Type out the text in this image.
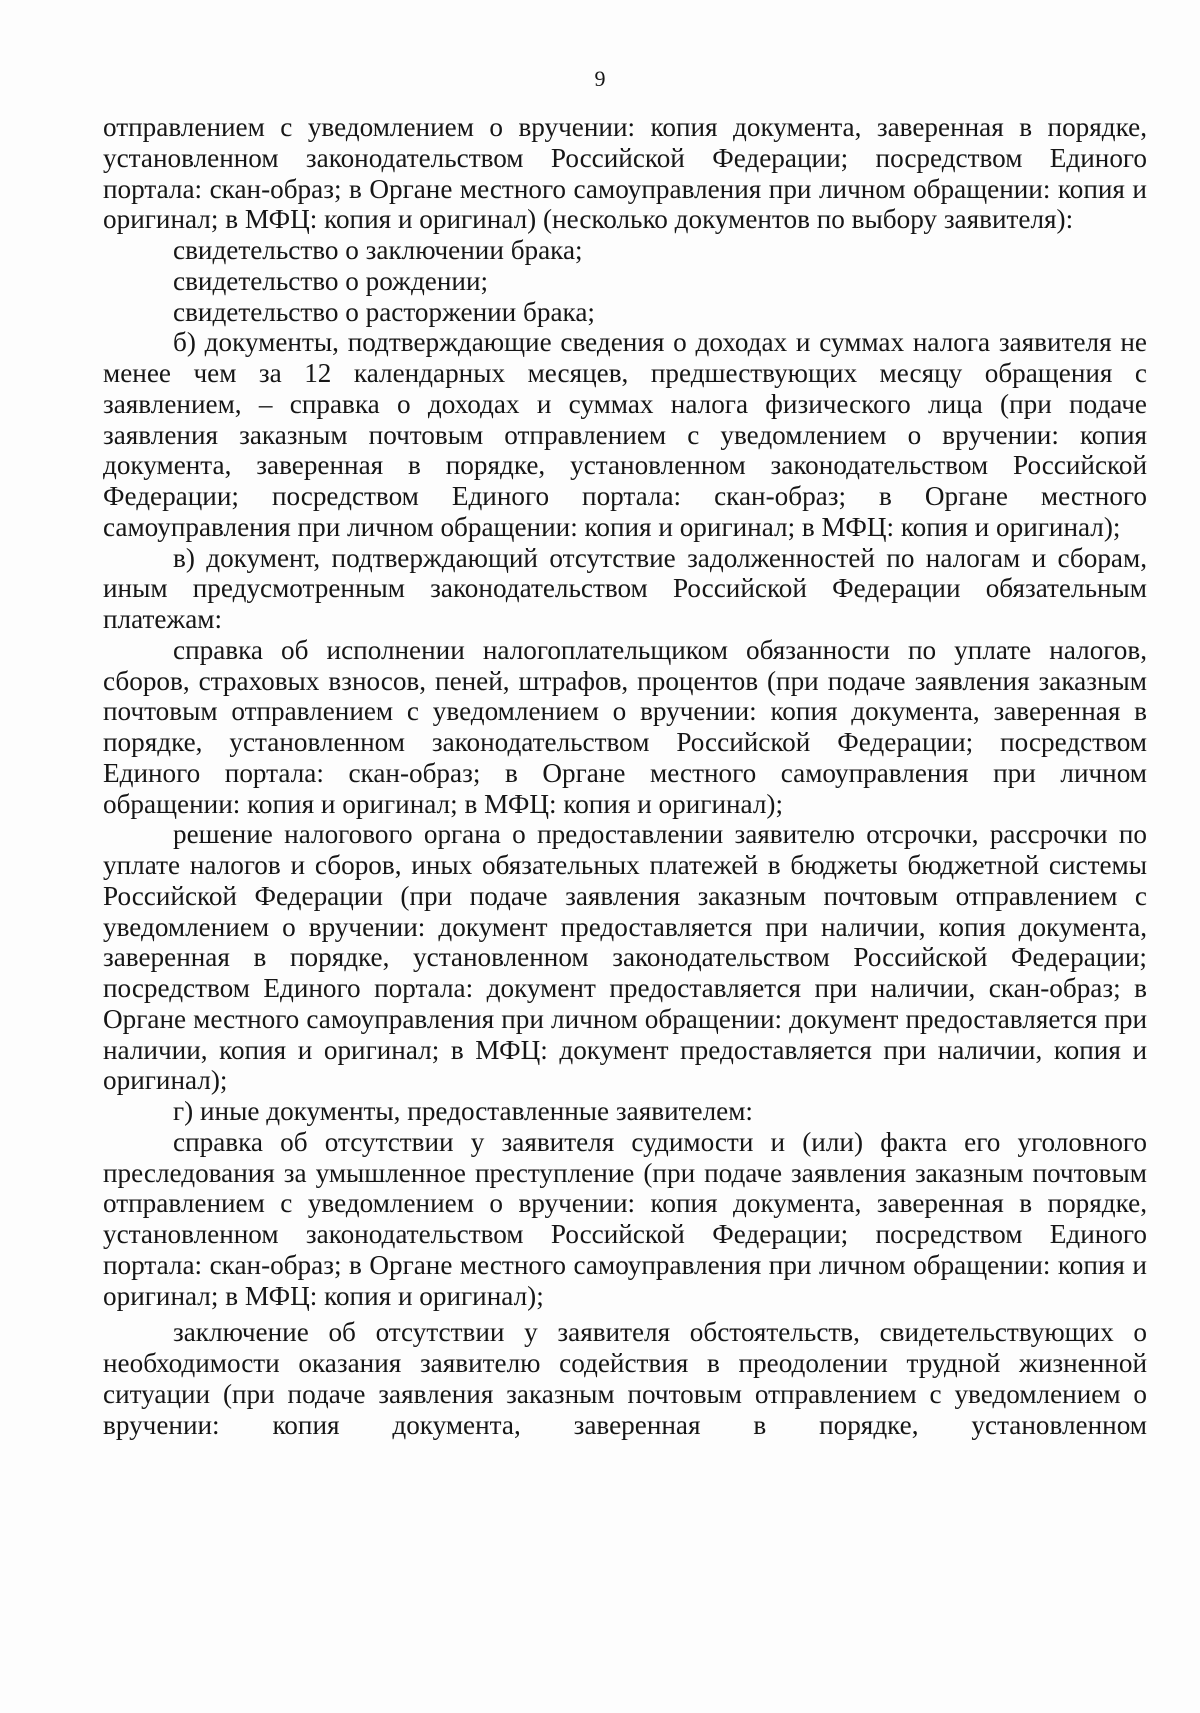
9

отправлением с уведомлением о вручении: копия документа, заверенная в порядке, установленном законодательством Российской Федерации; посредством Единого портала: скан-образ; в Органе местного самоуправления при личном обращении: копия и оригинал; в МФЦ: копия и оригинал) (несколько документов по выбору заявителя):

свидетельство о заключении брака;

свидетельство о рождении;

свидетельство о расторжении брака;

б) документы, подтверждающие сведения о доходах и суммах налога заявителя не менее чем за 12 календарных месяцев, предшествующих месяцу обращения с заявлением, – справка о доходах и суммах налога физического лица (при подаче заявления заказным почтовым отправлением с уведомлением о вручении: копия документа, заверенная в порядке, установленном законодательством Российской Федерации; посредством Единого портала: скан-образ; в Органе местного самоуправления при личном обращении: копия и оригинал; в МФЦ: копия и оригинал);

в) документ, подтверждающий отсутствие задолженностей по налогам и сборам, иным предусмотренным законодательством Российской Федерации обязательным платежам:

справка об исполнении налогоплательщиком обязанности по уплате налогов, сборов, страховых взносов, пеней, штрафов, процентов (при подаче заявления заказным почтовым отправлением с уведомлением о вручении: копия документа, заверенная в порядке, установленном законодательством Российской Федерации; посредством Единого портала: скан-образ; в Органе местного самоуправления при личном обращении: копия и оригинал; в МФЦ: копия и оригинал);

решение налогового органа о предоставлении заявителю отсрочки, рассрочки по уплате налогов и сборов, иных обязательных платежей в бюджеты бюджетной системы Российской Федерации (при подаче заявления заказным почтовым отправлением с уведомлением о вручении: документ предоставляется при наличии, копия документа, заверенная в порядке, установленном законодательством Российской Федерации; посредством Единого портала: документ предоставляется при наличии, скан-образ; в Органе местного самоуправления при личном обращении: документ предоставляется при наличии, копия и оригинал; в МФЦ: документ предоставляется при наличии, копия и оригинал);

г) иные документы, предоставленные заявителем:

справка об отсутствии у заявителя судимости и (или) факта его уголовного преследования за умышленное преступление (при подаче заявления заказным почтовым отправлением с уведомлением о вручении: копия документа, заверенная в порядке, установленном законодательством Российской Федерации; посредством Единого портала: скан-образ; в Органе местного самоуправления при личном обращении: копия и оригинал; в МФЦ: копия и оригинал);

заключение об отсутствии у заявителя обстоятельств, свидетельствующих о необходимости оказания заявителю содействия в преодолении трудной жизненной ситуации (при подаче заявления заказным почтовым отправлением с уведомлением о вручении: копия документа, заверенная в порядке, установленном
